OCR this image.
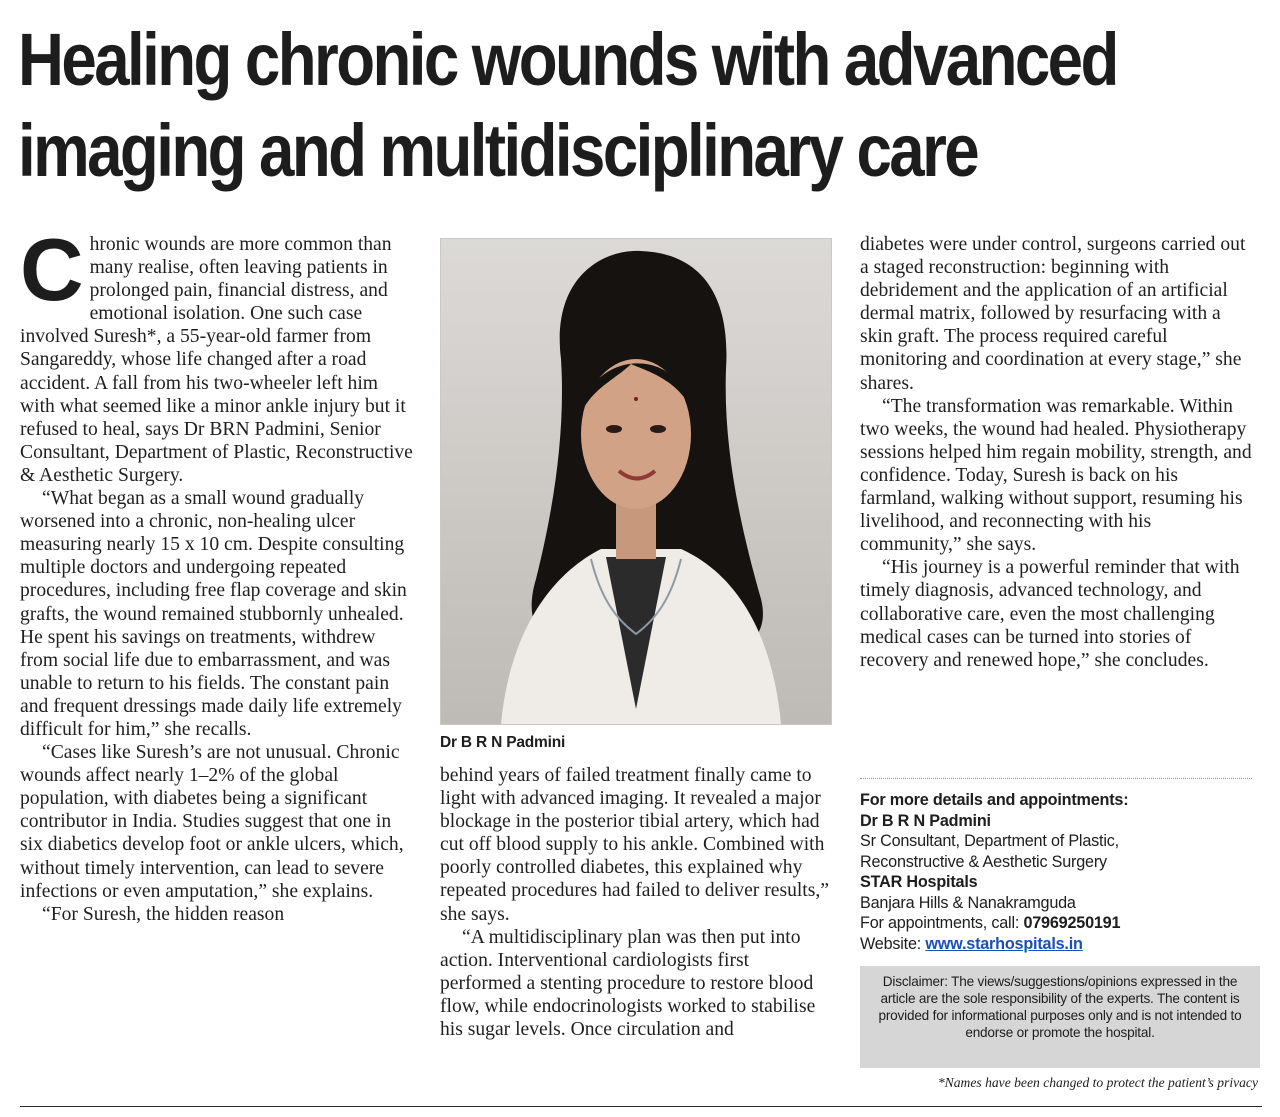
Healing chronic wounds with advanced
imaging and multidisciplinary care

Chronic wounds are more common than many realise, often leaving patients in prolonged pain, financial distress, and emotional isolation. One such case involved Suresh*, a 55-year-old farmer from Sangareddy, whose life changed after a road accident. A fall from his two-wheeler left him with what seemed like a minor ankle injury but it refused to heal, says Dr BRN Padmini, Senior Consultant, Department of Plastic, Reconstructive & Aesthetic Surgery.

“What began as a small wound gradually worsened into a chronic, non-healing ulcer measuring nearly 15 x 10 cm. Despite consulting multiple doctors and undergoing repeated procedures, including free flap coverage and skin grafts, the wound remained stubbornly unhealed. He spent his savings on treatments, withdrew from social life due to embarrassment, and was unable to return to his fields. The constant pain and frequent dressings made daily life extremely difficult for him,” she recalls.

“Cases like Suresh’s are not unusual. Chronic wounds affect nearly 1–2% of the global population, with diabetes being a significant contributor in India. Studies suggest that one in six diabetics develop foot or ankle ulcers, which, without timely intervention, can lead to severe infections or even amputation,” she explains.

“For Suresh, the hidden reason

Dr B R N Padmini

behind years of failed treatment finally came to light with advanced imaging. It revealed a major blockage in the posterior tibial artery, which had cut off blood supply to his ankle. Combined with poorly controlled diabetes, this explained why repeated procedures had failed to deliver results,” she says.

“A multidisciplinary plan was then put into action. Interventional cardiologists first performed a stenting procedure to restore blood flow, while endocrinologists worked to stabilise his sugar levels. Once circulation and

diabetes were under control, surgeons carried out a staged reconstruction: beginning with debridement and the application of an artificial dermal matrix, followed by resurfacing with a skin graft. The process required careful monitoring and coordination at every stage,” she shares.

“The transformation was remarkable. Within two weeks, the wound had healed. Physiotherapy sessions helped him regain mobility, strength, and confidence. Today, Suresh is back on his farmland, walking without support, resuming his livelihood, and reconnecting with his community,” she says.

“His journey is a powerful reminder that with timely diagnosis, advanced technology, and collaborative care, even the most challenging medical cases can be turned into stories of recovery and renewed hope,” she concludes.

For more details and appointments:
Dr B R N Padmini
Sr Consultant, Department of Plastic,
Reconstructive & Aesthetic Surgery
STAR Hospitals
Banjara Hills & Nanakramguda
For appointments, call: 07969250191
Website: www.starhospitals.in
Disclaimer: The views/suggestions/opinions expressed in the article are the sole responsibility of the experts. The content is provided for informational purposes only and is not intended to endorse or promote the hospital.
*Names have been changed to protect the patient’s privacy
